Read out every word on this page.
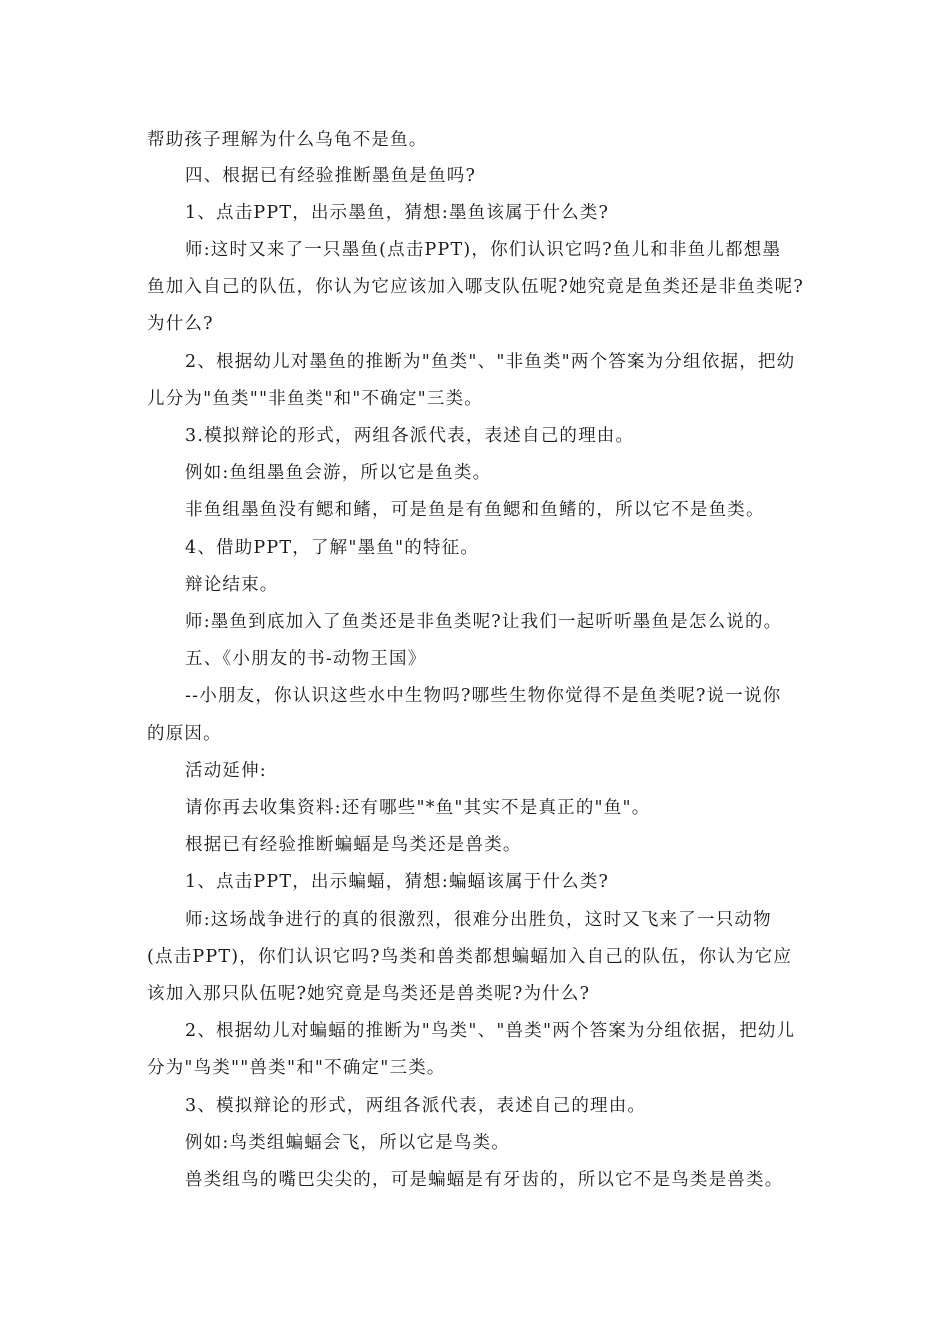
帮助孩子理解为什么乌龟不是鱼。
四、根据已有经验推断墨鱼是鱼吗?
1、点击PPT，出示墨鱼，猜想:墨鱼该属于什么类?
师:这时又来了一只墨鱼(点击PPT)，你们认识它吗?鱼儿和非鱼儿都想墨
鱼加入自己的队伍，你认为它应该加入哪支队伍呢?她究竟是鱼类还是非鱼类呢?
为什么?
2、根据幼儿对墨鱼的推断为"鱼类"、"非鱼类"两个答案为分组依据，把幼
儿分为"鱼类""非鱼类"和"不确定"三类。
3.模拟辩论的形式，两组各派代表，表述自己的理由。
例如:鱼组墨鱼会游，所以它是鱼类。
非鱼组墨鱼没有鳃和鳍，可是鱼是有鱼鳃和鱼鳍的，所以它不是鱼类。
4、借助PPT，了解"墨鱼"的特征。
辩论结束。
师:墨鱼到底加入了鱼类还是非鱼类呢?让我们一起听听墨鱼是怎么说的。
五、《小朋友的书-动物王国》
--小朋友，你认识这些水中生物吗?哪些生物你觉得不是鱼类呢?说一说你
的原因。
活动延伸:
请你再去收集资料:还有哪些"*鱼"其实不是真正的"鱼"。
根据已有经验推断蝙蝠是鸟类还是兽类。
1、点击PPT，出示蝙蝠，猜想:蝙蝠该属于什么类?
师:这场战争进行的真的很激烈，很难分出胜负，这时又飞来了一只动物
(点击PPT)，你们认识它吗?鸟类和兽类都想蝙蝠加入自己的队伍，你认为它应
该加入那只队伍呢?她究竟是鸟类还是兽类呢?为什么?
2、根据幼儿对蝙蝠的推断为"鸟类"、"兽类"两个答案为分组依据，把幼儿
分为"鸟类""兽类"和"不确定"三类。
3、模拟辩论的形式，两组各派代表，表述自己的理由。
例如:鸟类组蝙蝠会飞，所以它是鸟类。
兽类组鸟的嘴巴尖尖的，可是蝙蝠是有牙齿的，所以它不是鸟类是兽类。
